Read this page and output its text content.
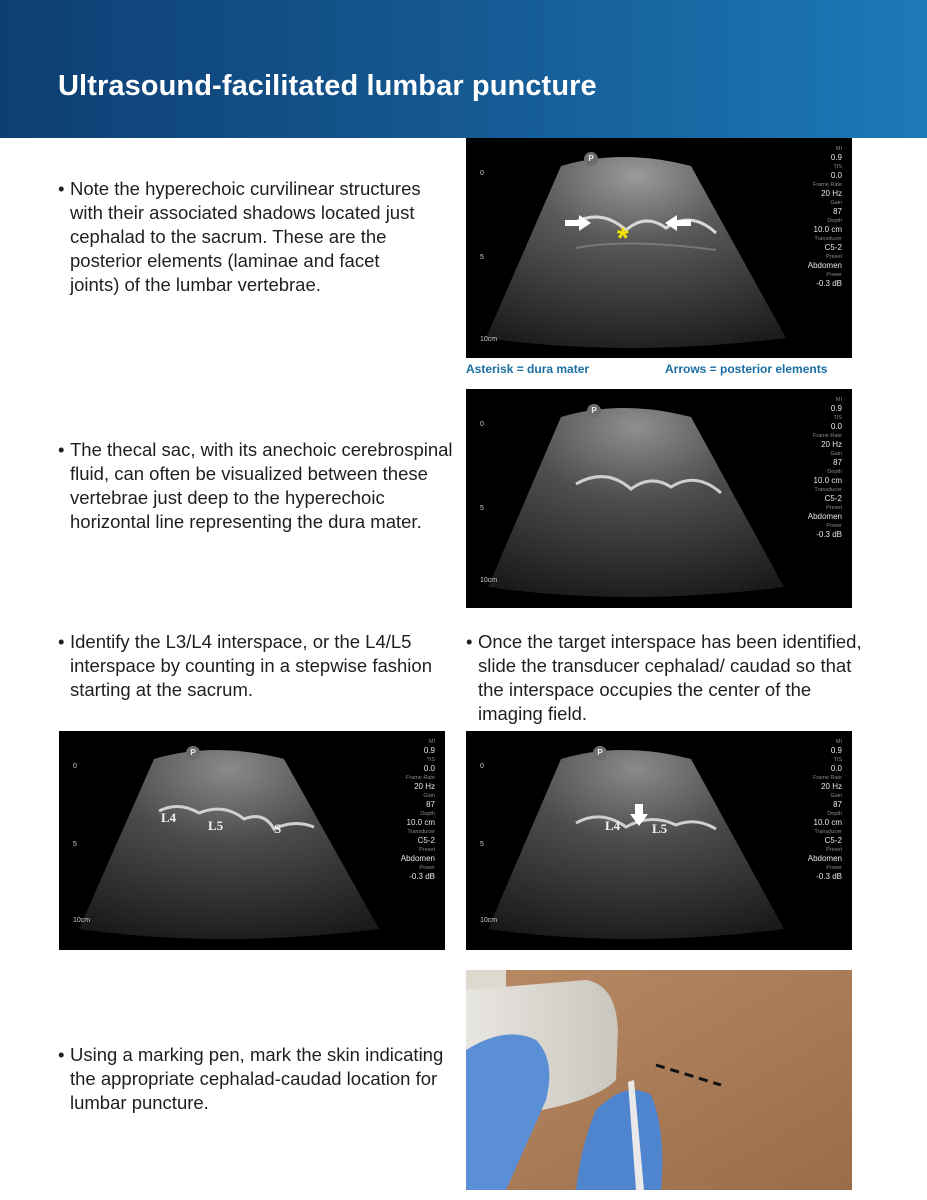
Ultrasound-facilitated lumbar puncture
• Note the hyperechoic curvilinear structures with their associated shadows located just cephalad to the sacrum. These are the posterior elements (laminae and facet joints) of the lumbar vertebrae.
• The thecal sac, with its anechoic cerebrospinal fluid, can often be visualized between these vertebrae just deep to the hyperechoic horizontal line representing the dura mater.
• Identify the L3/L4 interspace, or the L4/L5 interspace by counting in a stepwise fashion starting at the sacrum.
• Once the target interspace has been identified, slide the transducer cephalad/ caudad so that the interspace occupies the center of the imaging field.
• Using a marking pen, mark the skin indicating the appropriate cephalad-caudad location for lumbar puncture.
P
0
5
10cm
MI
0.9
TIS
0.0
Frame Rate
20 Hz
Gain
87
Depth
10.0 cm
Transducer
C5-2
Preset
Abdomen
Power
-0.3 dB
*
Asterisk = dura mater	Arrows = posterior elements
P
0
5
10cm
MI
0.9
TIS
0.0
Frame Rate
20 Hz
Gain
87
Depth
10.0 cm
Transducer
C5-2
Preset
Abdomen
Power
-0.3 dB
P
0
5
10cm
MI
0.9
TIS
0.0
Frame Rate
20 Hz
Gain
87
Depth
10.0 cm
Transducer
C5-2
Preset
Abdomen
Power
-0.3 dB
L4
L5	S
P
0
5
10cm
MI
0.9
TIS
0.0
Frame Rate
20 Hz
Gain
87
Depth
10.0 cm
Transducer
C5-2
Preset
Abdomen
Power
-0.3 dB
L4 L5
